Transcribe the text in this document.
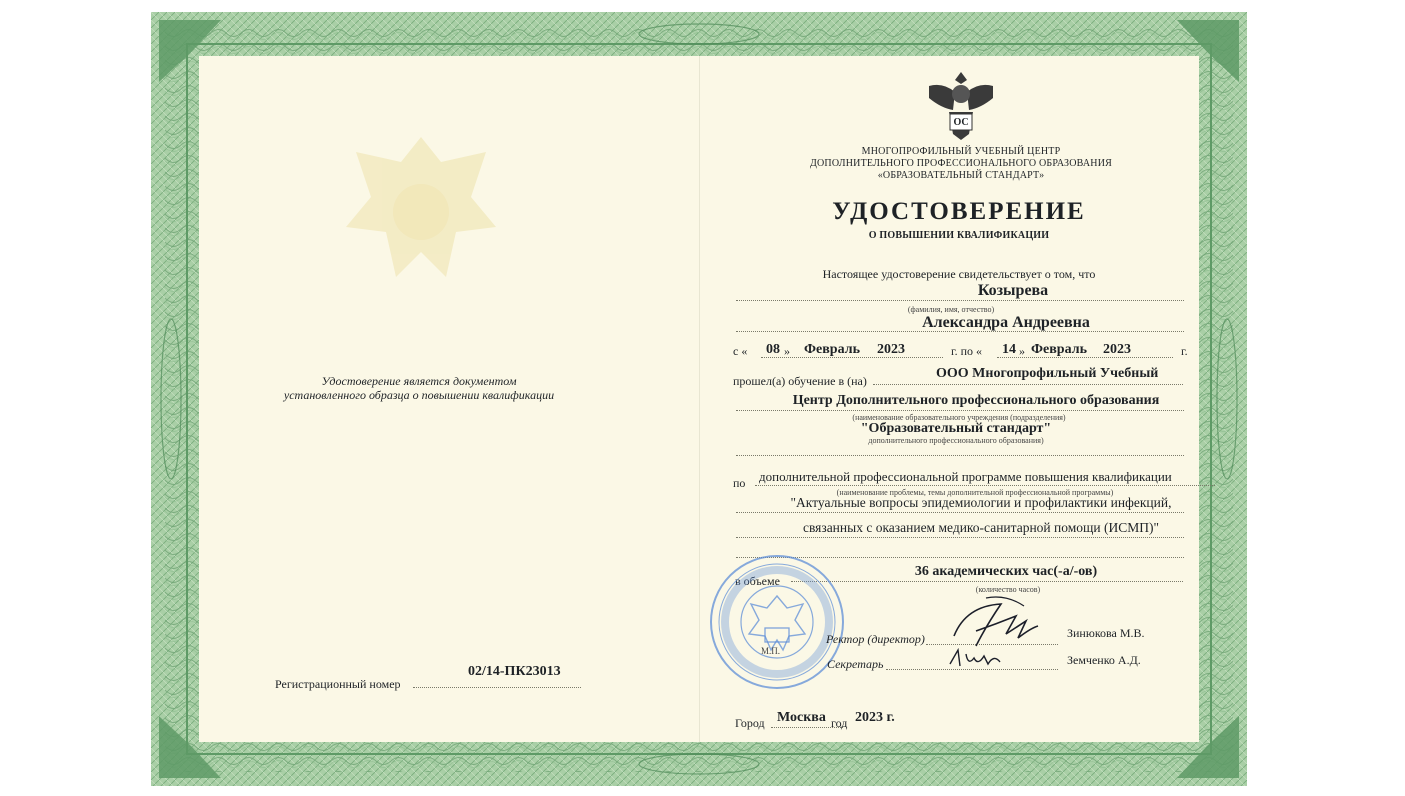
ОС
МНОГОПРОФИЛЬНЫЙ УЧЕБНЫЙ ЦЕНТР
ДОПОЛНИТЕЛЬНОГО ПРОФЕССИОНАЛЬНОГО ОБРАЗОВАНИЯ
«ОБРАЗОВАТЕЛЬНЫЙ СТАНДАРТ»
УДОСТОВЕРЕНИЕ
О ПОВЫШЕНИИ КВАЛИФИКАЦИИ
Настоящее удостоверение свидетельствует о том, что
Козырева
(фамилия, имя, отчество)
Александра Андреевна
с « 08 » Февраль 2023	г. по « 14 » Февраль 2023	г.
прошел(а) обучение в (на)	ООО Многопрофильный Учебный
Центр Дополнительного профессионального образования
(наименование образовательного учреждения (подразделения)
"Образовательный стандарт"
дополнительного профессионального образования)
по дополнительной профессиональной программе повышения квалификации
(наименование проблемы, темы дополнительной профессиональной программы)
"Актуальные вопросы эпидемиологии и профилактики инфекций,
связанных с оказанием медико-санитарной помощи (ИСМП)"
в объеме
36 академических час(-а/-ов)
(количество часов)
М.П.
Ректор (директор)	Зинюкова М.В.
Секретарь	Земченко А.Д.
Город Москва год 2023 г.
Удостоверение является документом
установленного образца о повышении квалификации
Регистрационный номер
02/14-ПК23013
